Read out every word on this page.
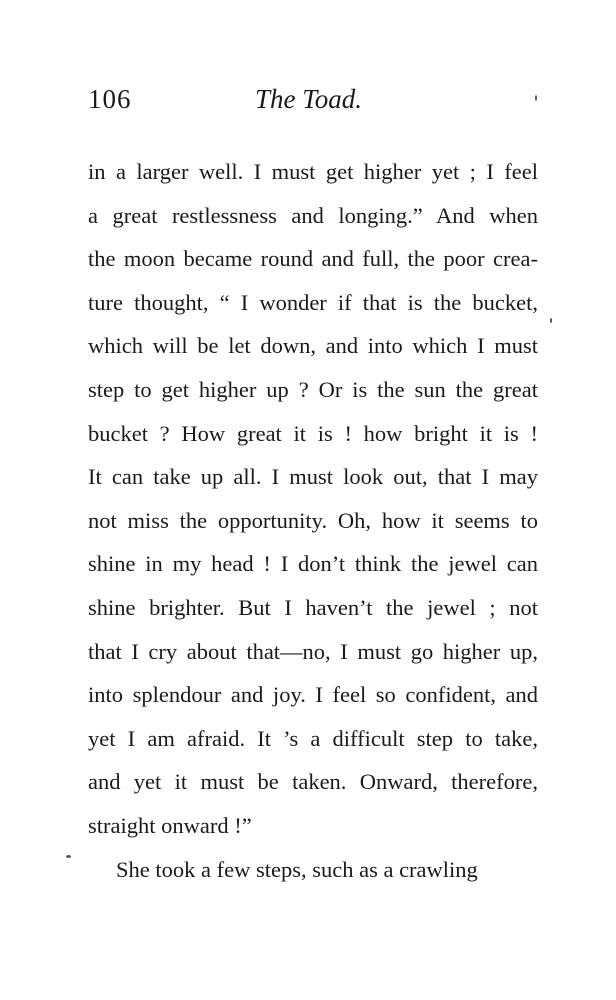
106	The Toad.
in a larger well. I must get higher yet ; I feel
a great restlessness and longing.” And when
the moon became round and full, the poor crea-
ture thought, “ I wonder if that is the bucket,
which will be let down, and into which I must
step to get higher up ? Or is the sun the great
bucket ? How great it is ! how bright it is !
It can take up all. I must look out, that I may
not miss the opportunity. Oh, how it seems to
shine in my head ! I don’t think the jewel can
shine brighter. But I haven’t the jewel ; not
that I cry about that—no, I must go higher up,
into splendour and joy. I feel so confident, and
yet I am afraid. It ’s a difficult step to take,
and yet it must be taken. Onward, therefore,
straight onward !”
She took a few steps, such as a crawling
